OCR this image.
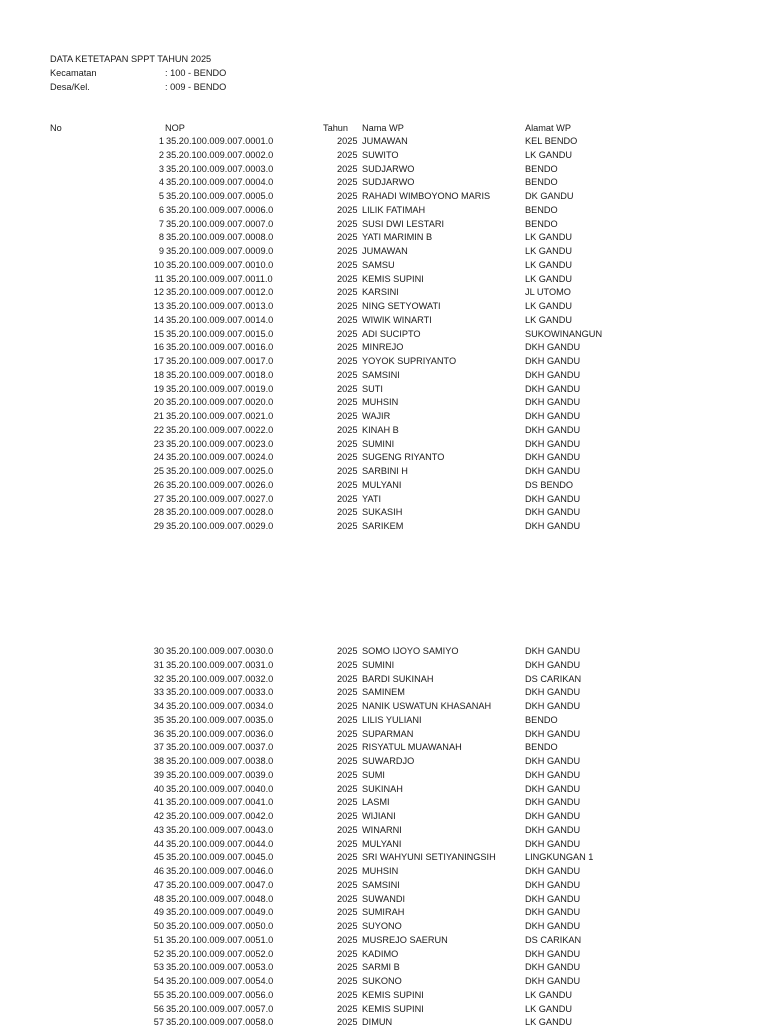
DATA KETETAPAN SPPT TAHUN 2025
Kecamatan	: 100 - BENDO
Desa/Kel.	: 009 - BENDO
No	NOP	Tahun Nama WP	Alamat WP
1 35.20.100.009.007.0001.0	2025 JUMAWAN	KEL BENDO
2 35.20.100.009.007.0002.0	2025 SUWITO	LK GANDU
3 35.20.100.009.007.0003.0	2025 SUDJARWO	BENDO
4 35.20.100.009.007.0004.0	2025 SUDJARWO	BENDO
5 35.20.100.009.007.0005.0	2025 RAHADI WIMBOYONO MARIS	DK GANDU
6 35.20.100.009.007.0006.0	2025 LILIK FATIMAH	BENDO
7 35.20.100.009.007.0007.0	2025 SUSI DWI LESTARI	BENDO
8 35.20.100.009.007.0008.0	2025 YATI MARIMIN B	LK GANDU
9 35.20.100.009.007.0009.0	2025 JUMAWAN	LK GANDU
10 35.20.100.009.007.0010.0	2025 SAMSU	LK GANDU
11 35.20.100.009.007.0011.0	2025 KEMIS SUPINI	LK GANDU
12 35.20.100.009.007.0012.0	2025 KARSINI	JL UTOMO
13 35.20.100.009.007.0013.0	2025 NING SETYOWATI	LK GANDU
14 35.20.100.009.007.0014.0	2025 WIWIK WINARTI	LK GANDU
15 35.20.100.009.007.0015.0	2025 ADI SUCIPTO	SUKOWINANGUN
16 35.20.100.009.007.0016.0	2025 MINREJO	DKH GANDU
17 35.20.100.009.007.0017.0	2025 YOYOK SUPRIYANTO	DKH GANDU
18 35.20.100.009.007.0018.0	2025 SAMSINI	DKH GANDU
19 35.20.100.009.007.0019.0	2025 SUTI	DKH GANDU
20 35.20.100.009.007.0020.0	2025 MUHSIN	DKH GANDU
21 35.20.100.009.007.0021.0	2025 WAJIR	DKH GANDU
22 35.20.100.009.007.0022.0	2025 KINAH B	DKH GANDU
23 35.20.100.009.007.0023.0	2025 SUMINI	DKH GANDU
24 35.20.100.009.007.0024.0	2025 SUGENG RIYANTO	DKH GANDU
25 35.20.100.009.007.0025.0	2025 SARBINI H	DKH GANDU
26 35.20.100.009.007.0026.0	2025 MULYANI	DS BENDO
27 35.20.100.009.007.0027.0	2025 YATI	DKH GANDU
28 35.20.100.009.007.0028.0	2025 SUKASIH	DKH GANDU
29 35.20.100.009.007.0029.0	2025 SARIKEM	DKH GANDU
30 35.20.100.009.007.0030.0	2025 SOMO IJOYO SAMIYO	DKH GANDU
31 35.20.100.009.007.0031.0	2025 SUMINI	DKH GANDU
32 35.20.100.009.007.0032.0	2025 BARDI SUKINAH	DS CARIKAN
33 35.20.100.009.007.0033.0	2025 SAMINEM	DKH GANDU
34 35.20.100.009.007.0034.0	2025 NANIK USWATUN KHASANAH	DKH GANDU
35 35.20.100.009.007.0035.0	2025 LILIS YULIANI	BENDO
36 35.20.100.009.007.0036.0	2025 SUPARMAN	DKH GANDU
37 35.20.100.009.007.0037.0	2025 RISYATUL MUAWANAH	BENDO
38 35.20.100.009.007.0038.0	2025 SUWARDJO	DKH GANDU
39 35.20.100.009.007.0039.0	2025 SUMI	DKH GANDU
40 35.20.100.009.007.0040.0	2025 SUKINAH	DKH GANDU
41 35.20.100.009.007.0041.0	2025 LASMI	DKH GANDU
42 35.20.100.009.007.0042.0	2025 WIJIANI	DKH GANDU
43 35.20.100.009.007.0043.0	2025 WINARNI	DKH GANDU
44 35.20.100.009.007.0044.0	2025 MULYANI	DKH GANDU
45 35.20.100.009.007.0045.0	2025 SRI WAHYUNI SETIYANINGSIH	LINGKUNGAN 1
46 35.20.100.009.007.0046.0	2025 MUHSIN	DKH GANDU
47 35.20.100.009.007.0047.0	2025 SAMSINI	DKH GANDU
48 35.20.100.009.007.0048.0	2025 SUWANDI	DKH GANDU
49 35.20.100.009.007.0049.0	2025 SUMIRAH	DKH GANDU
50 35.20.100.009.007.0050.0	2025 SUYONO	DKH GANDU
51 35.20.100.009.007.0051.0	2025 MUSREJO SAERUN	DS CARIKAN
52 35.20.100.009.007.0052.0	2025 KADIMO	DKH GANDU
53 35.20.100.009.007.0053.0	2025 SARMI B	DKH GANDU
54 35.20.100.009.007.0054.0	2025 SUKONO	DKH GANDU
55 35.20.100.009.007.0056.0	2025 KEMIS SUPINI	LK GANDU
56 35.20.100.009.007.0057.0	2025 KEMIS SUPINI	LK GANDU
57 35.20.100.009.007.0058.0	2025 DIMUN	LK GANDU
